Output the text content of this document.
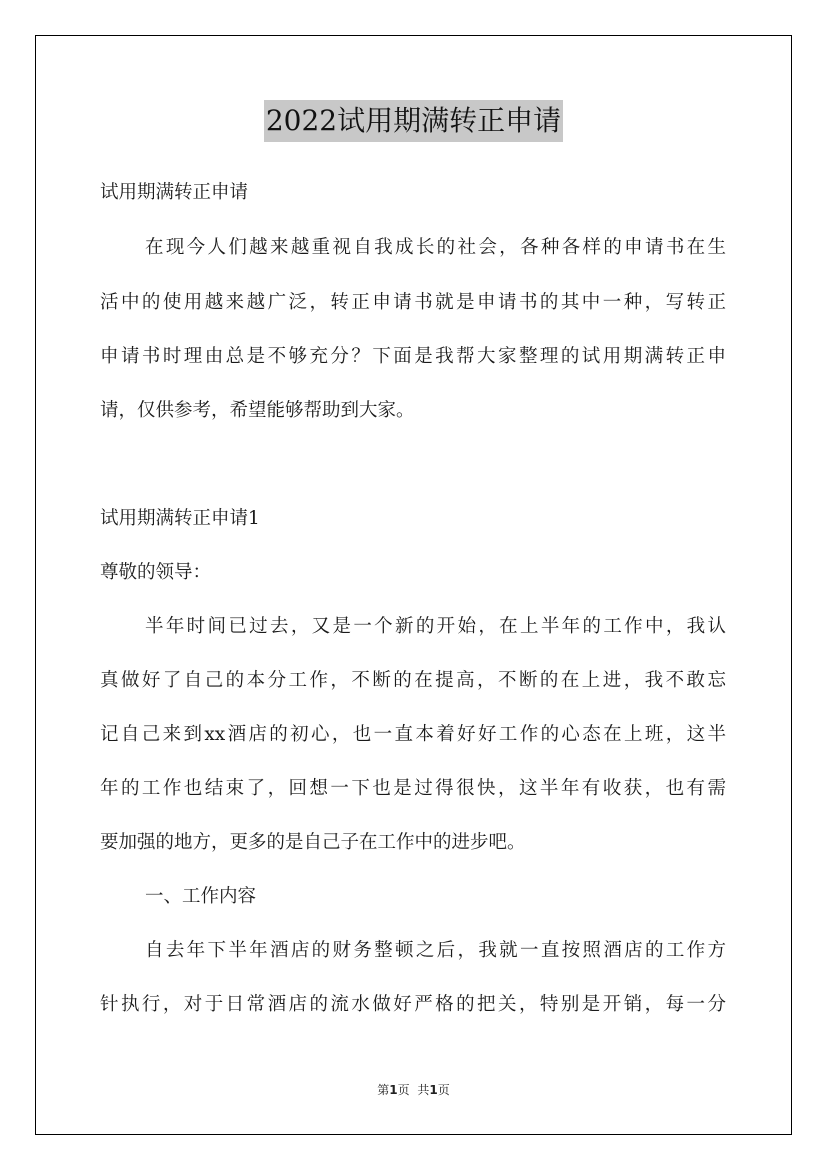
2022试用期满转正申请
试用期满转正申请
在现今人们越来越重视自我成长的社会，各种各样的申请书在生
活中的使用越来越广泛，转正申请书就是申请书的其中一种，写转正
申请书时理由总是不够充分？下面是我帮大家整理的试用期满转正申
请，仅供参考，希望能够帮助到大家。
试用期满转正申请1
尊敬的领导：
半年时间已过去，又是一个新的开始，在上半年的工作中，我认
真做好了自己的本分工作，不断的在提高，不断的在上进，我不敢忘
记自己来到xx酒店的初心，也一直本着好好工作的心态在上班，这半
年的工作也结束了，回想一下也是过得很快，这半年有收获，也有需
要加强的地方，更多的是自己子在工作中的进步吧。
一、工作内容
自去年下半年酒店的财务整顿之后，我就一直按照酒店的工作方
针执行，对于日常酒店的流水做好严格的把关，特别是开销，每一分
第1页 共1页
